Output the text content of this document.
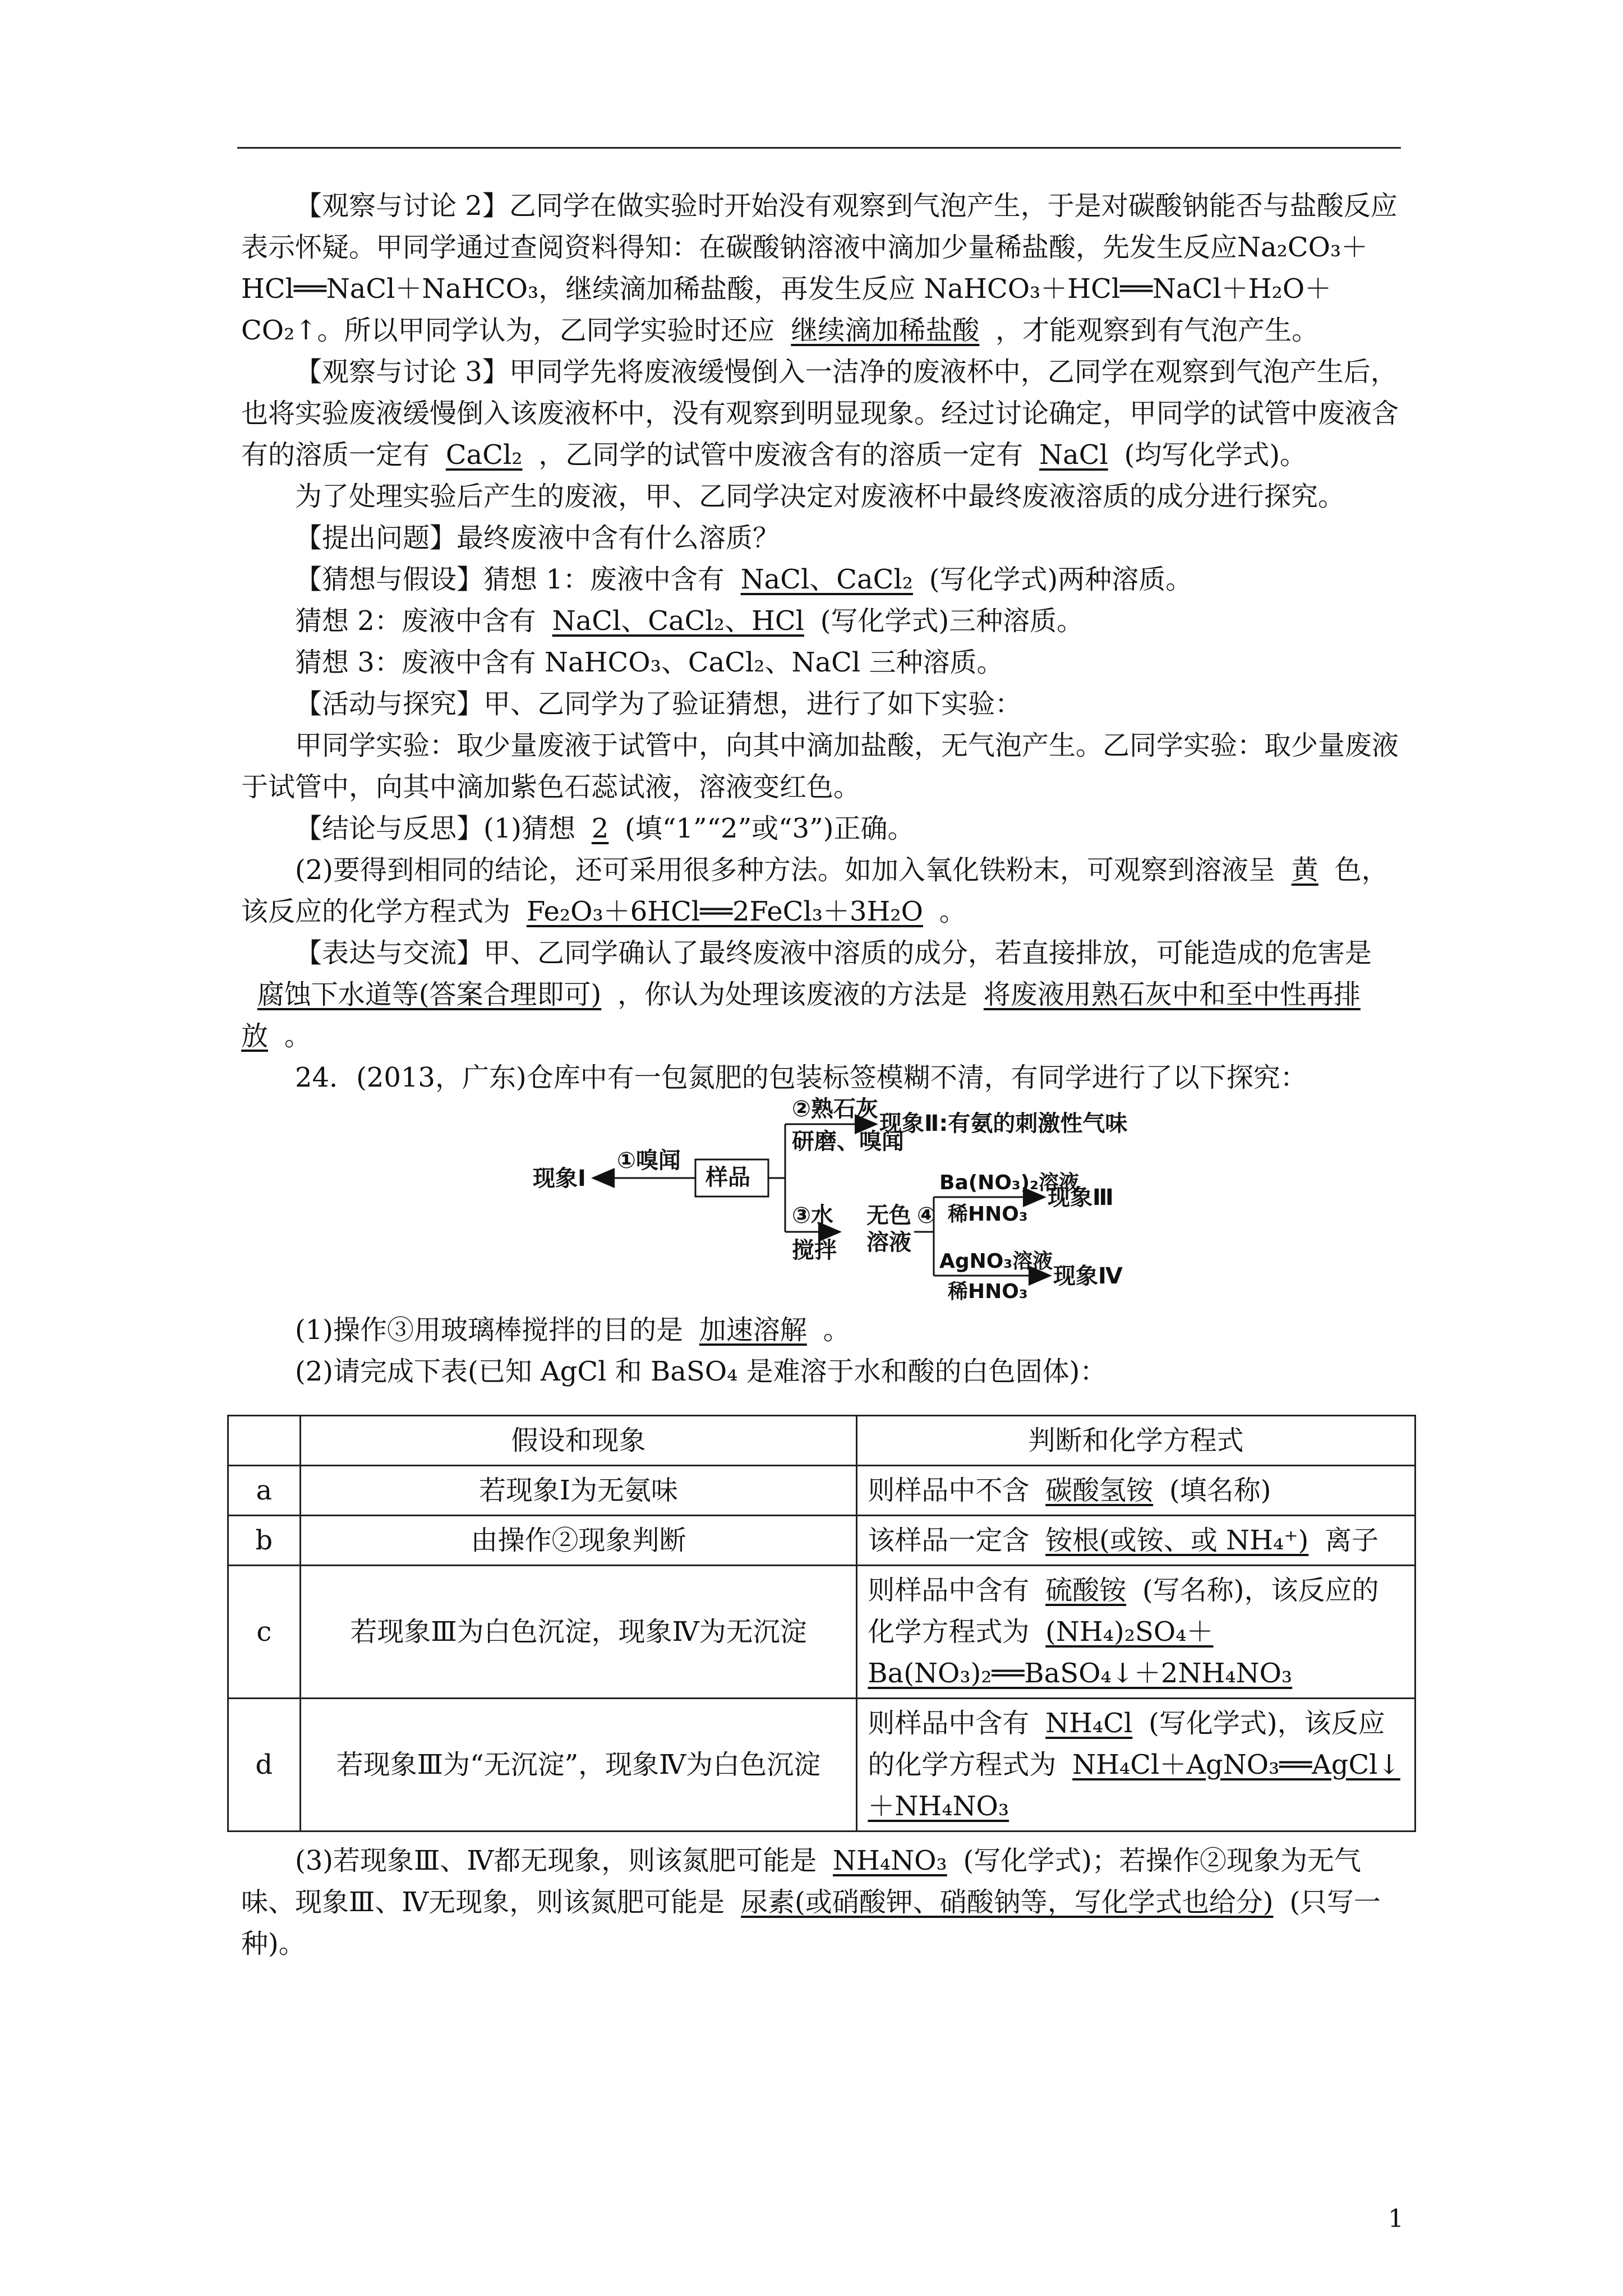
【观察与讨论 2】乙同学在做实验时开始没有观察到气泡产生，于是对碳酸钠能否与盐酸反应表示怀疑。甲同学通过查阅资料得知：在碳酸钠溶液中滴加少量稀盐酸，先发生反应Na₂CO₃＋HCl══NaCl＋NaHCO₃，继续滴加稀盐酸，再发生反应 NaHCO₃＋HCl══NaCl＋H₂O＋CO₂↑。所以甲同学认为，乙同学实验时还应 继续滴加稀盐酸 ，才能观察到有气泡产生。

【观察与讨论 3】甲同学先将废液缓慢倒入一洁净的废液杯中，乙同学在观察到气泡产生后，也将实验废液缓慢倒入该废液杯中，没有观察到明显现象。经过讨论确定，甲同学的试管中废液含有的溶质一定有 CaCl₂ ，乙同学的试管中废液含有的溶质一定有 NaCl (均写化学式)。

为了处理实验后产生的废液，甲、乙同学决定对废液杯中最终废液溶质的成分进行探究。

【提出问题】最终废液中含有什么溶质？

【猜想与假设】猜想 1：废液中含有 NaCl、CaCl₂ (写化学式)两种溶质。

猜想 2：废液中含有 NaCl、CaCl₂、HCl (写化学式)三种溶质。

猜想 3：废液中含有 NaHCO₃、CaCl₂、NaCl 三种溶质。

【活动与探究】甲、乙同学为了验证猜想，进行了如下实验：

甲同学实验：取少量废液于试管中，向其中滴加盐酸，无气泡产生。乙同学实验：取少量废液于试管中，向其中滴加紫色石蕊试液，溶液变红色。

【结论与反思】(1)猜想 2 (填“1”“2”或“3”)正确。

(2)要得到相同的结论，还可采用很多种方法。如加入氧化铁粉末，可观察到溶液呈 黄 色，该反应的化学方程式为 Fe₂O₃＋6HCl══2FeCl₃＋3H₂O 。

【表达与交流】甲、乙同学确认了最终废液中溶质的成分，若直接排放，可能造成的危害是腐蚀下水道等(答案合理即可) ，你认为处理该废液的方法是 将废液用熟石灰中和至中性再排放 。

24．(2013，广东)仓库中有一包氮肥的包装标签模糊不清，有同学进行了以下探究：

样品
①嗅闻
现象Ⅰ
②熟石灰
研磨、嗅闻
现象Ⅱ:有氨的刺激性气味
③水
搅拌
无色
溶液
④
Ba(NO₃)₂溶液
稀HNO₃
现象Ⅲ
AgNO₃溶液
稀HNO₃
现象Ⅳ

(1)操作③用玻璃棒搅拌的目的是 加速溶解 。

(2)请完成下表(已知 AgCl 和 BaSO₄ 是难溶于水和酸的白色固体)：

	假设和现象	判断和化学方程式
a	若现象Ⅰ为无氨味	则样品中不含 碳酸氢铵 (填名称)
b	由操作②现象判断	该样品一定含 铵根(或铵、或 NH₄⁺) 离子
c	若现象Ⅲ为白色沉淀，现象Ⅳ为无沉淀	则样品中含有 硫酸铵 (写名称)，该反应的化学方程式为 (NH₄)₂SO₄＋Ba(NO₃)₂══BaSO₄↓＋2NH₄NO₃
d	若现象Ⅲ为“无沉淀”，现象Ⅳ为白色沉淀	则样品中含有 NH₄Cl (写化学式)，该反应的化学方程式为 NH₄Cl＋AgNO₃══AgCl↓＋NH₄NO₃

(3)若现象Ⅲ、Ⅳ都无现象，则该氮肥可能是 NH₄NO₃ (写化学式)；若操作②现象为无气味、现象Ⅲ、Ⅳ无现象，则该氮肥可能是 尿素(或硝酸钾、硝酸钠等，写化学式也给分) (只写一种)。

1
